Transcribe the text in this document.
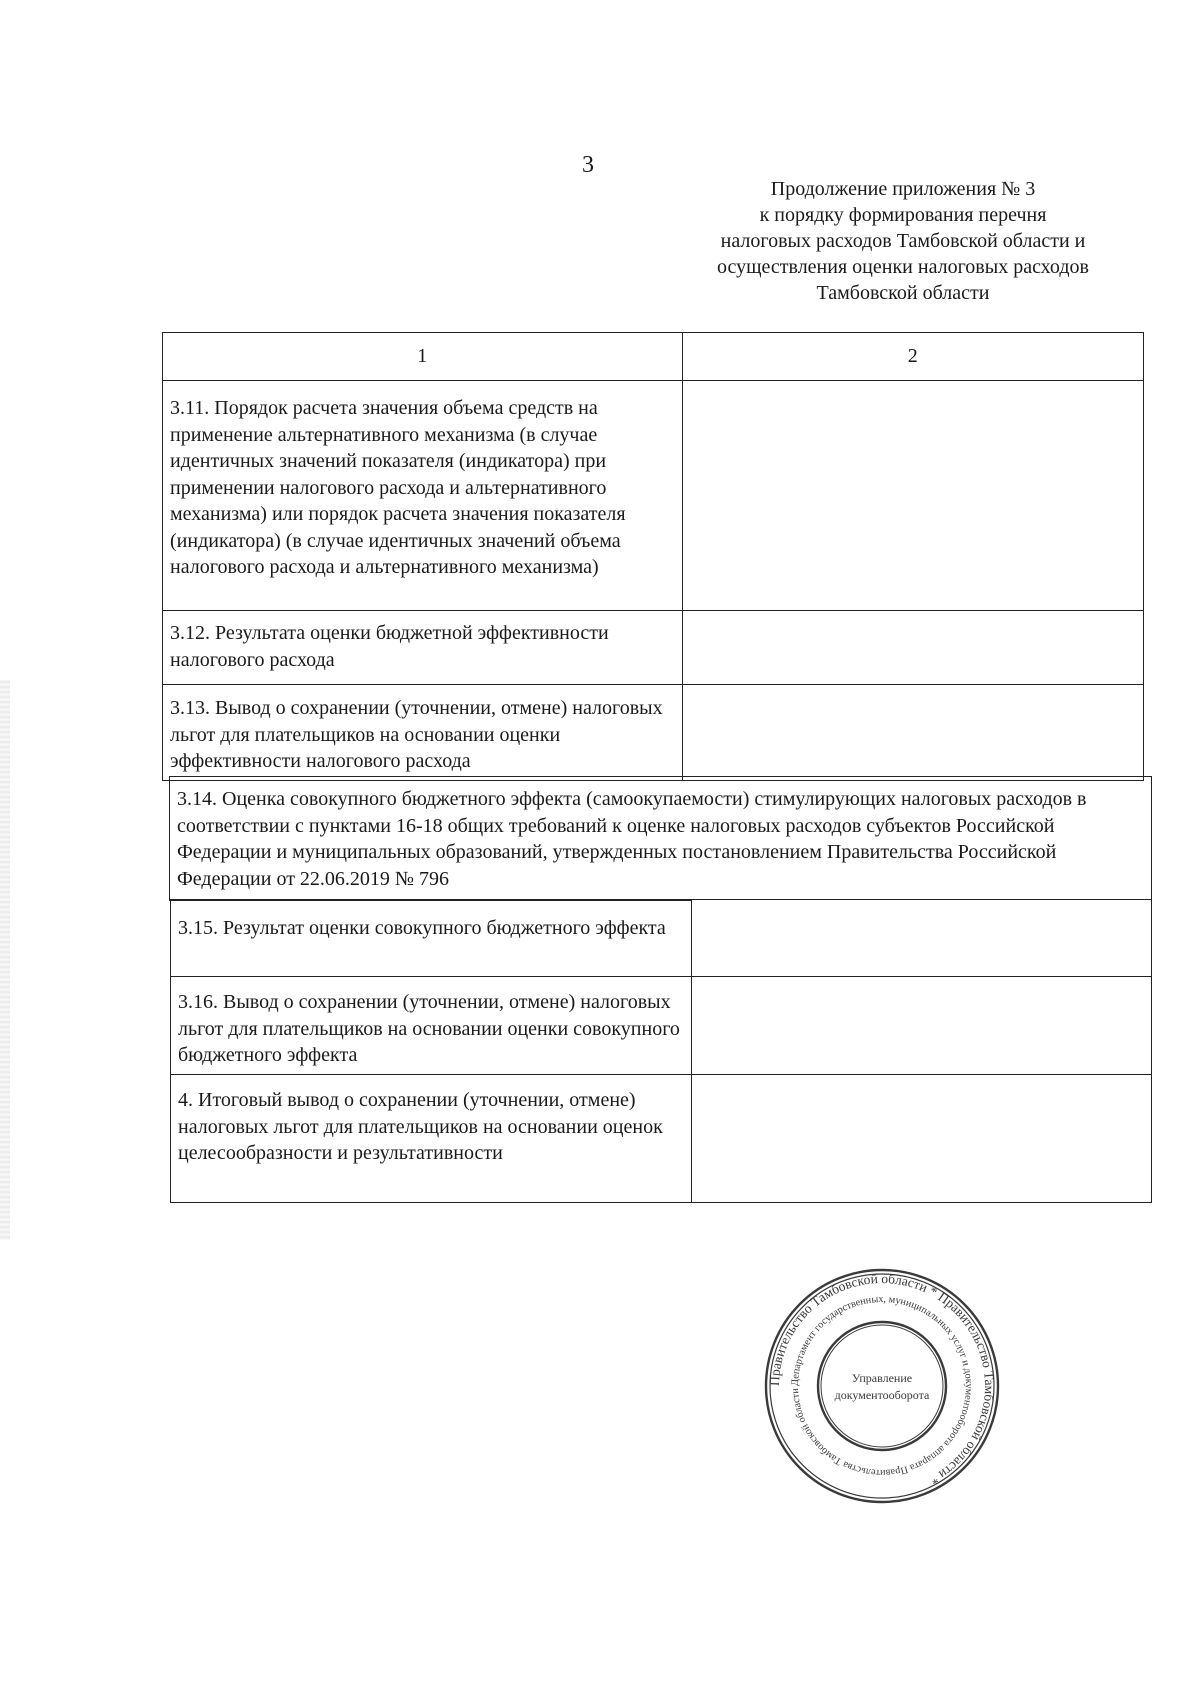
3
Продолжение приложения № 3
к порядку формирования перечня
налоговых расходов Тамбовской области и
осуществления оценки налоговых расходов
Тамбовской области
1	2
3.11. Порядок расчета значения объема средств на применение альтернативного механизма (в случае идентичных значений показателя (индикатора) при применении налогового расхода и альтернативного механизма) или порядок расчета значения показателя (индикатора) (в случае идентичных значений объема налогового расхода и альтернативного механизма)	
3.12. Результата оценки бюджетной эффективности налогового расхода	
3.13. Вывод о сохранении (уточнении, отмене) налоговых льгот для плательщиков на основании оценки эффективности налогового расхода	
3.14. Оценка совокупного бюджетного эффекта (самоокупаемости) стимулирующих налоговых расходов в соответствии с пунктами 16-18 общих требований к оценке налоговых расходов субъектов Российской Федерации и муниципальных образований, утвержденных постановлением Правительства Российской Федерации от 22.06.2019 № 796
3.15. Результат оценки совокупного бюджетного эффекта	
3.16. Вывод о сохранении (уточнении, отмене) налоговых льгот для плательщиков на основании оценки совокупного бюджетного эффекта	
4. Итоговый вывод о сохранении (уточнении, отмене) налоговых льгот для плательщиков на основании оценок целесообразности и результативности	
Правительство Тамбовской области * Правительство Тамбовской области *
Департамент государственных, муниципальных услуг и документооборота аппарата Правительства Тамбовской области
Управление
документооборота
